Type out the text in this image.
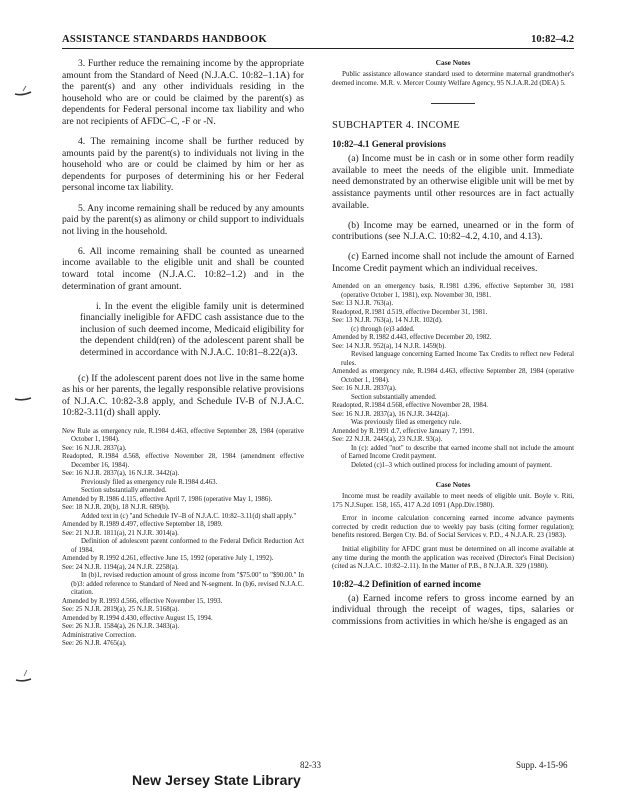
ASSISTANCE STANDARDS HANDBOOK	10:82–4.2

3. Further reduce the remaining income by the appropriate amount from the Standard of Need (N.J.A.C. 10:82–1.1A) for the parent(s) and any other individuals residing in the household who are or could be claimed by the parent(s) as dependents for Federal personal income tax liability and who are not recipients of AFDC–C, -F or -N.

4. The remaining income shall be further reduced by amounts paid by the parent(s) to individuals not living in the household who are or could be claimed by him or her as dependents for purposes of determining his or her Federal personal income tax liability.

5. Any income remaining shall be reduced by any amounts paid by the parent(s) as alimony or child support to individuals not living in the household.

6. All income remaining shall be counted as unearned income available to the eligible unit and shall be counted toward total income (N.J.A.C. 10:82–1.2) and in the determination of grant amount.

i. In the event the eligible family unit is determined financially ineligible for AFDC cash assistance due to the inclusion of such deemed income, Medicaid eligibility for the dependent child(ren) of the adolescent parent shall be determined in accordance with N.J.A.C. 10:81–8.22(a)3.

(c) If the adolescent parent does not live in the same home as his or her parents, the legally responsible relative provisions of N.J.A.C. 10:82-3.8 apply, and Schedule IV-B of N.J.A.C. 10:82-3.11(d) shall apply.

New Rule as emergency rule, R.1984 d.463, effective September 28, 1984 (operative October 1, 1984).
See: 16 N.J.R. 2837(a).
Readopted, R.1984 d.568, effective November 28, 1984 (amendment effective December 16, 1984).
See: 16 N.J.R. 2837(a), 16 N.J.R. 3442(a).
Previously filed as emergency rule R.1984 d.463.
Section substantially amended.
Amended by R.1986 d.115, effective April 7, 1986 (operative May 1, 1986).
See: 18 N.J.R. 20(b), 18 N.J.R. 689(b).
Added text in (c) "and Schedule IV–B of N.J.A.C. 10:82–3.11(d) shall apply."
Amended by R.1989 d.497, effective September 18, 1989.
See: 21 N.J.R. 1811(a), 21 N.J.R. 3014(a).
Definition of adolescent parent conformed to the Federal Deficit Reduction Act of 1984.
Amended by R.1992 d.261, effective June 15, 1992 (operative July 1, 1992).
See: 24 N.J.R. 1194(a), 24 N.J.R. 2258(a).
In (b)1, revised reduction amount of gross income from "$75.00" to "$90.00." In (b)3: added reference to Standard of Need and N-segment. In (b)6, revised N.J.A.C. citation.
Amended by R.1993 d.566, effective November 15, 1993.
See: 25 N.J.R. 2819(a), 25 N.J.R. 5168(a).
Amended by R.1994 d.430, effective August 15, 1994.
See: 26 N.J.R. 1584(a), 26 N.J.R. 3483(a).
Administrative Correction.
See: 26 N.J.R. 4765(a).
Case Notes

Public assistance allowance standard used to determine maternal grandmother's deemed income. M.R. v. Mercer County Welfare Agency, 95 N.J.A.R.2d (DEA) 5.

SUBCHAPTER 4. INCOME
10:82–4.1 General provisions

(a) Income must be in cash or in some other form readily available to meet the needs of the eligible unit. Immediate need demonstrated by an otherwise eligible unit will be met by assistance payments until other resources are in fact actually available.

(b) Income may be earned, unearned or in the form of contributions (see N.J.A.C. 10:82–4.2, 4.10, and 4.13).

(c) Earned income shall not include the amount of Earned Income Credit payment which an individual receives.

Amended on an emergency basis, R.1981 d.396, effective September 30, 1981 (operative October 1, 1981), exp. November 30, 1981.
See: 13 N.J.R. 763(a).
Readopted, R.1981 d.519, effective December 31, 1981.
See: 13 N.J.R. 763(a), 14 N.J.R. 102(d).
(c) through (e)3 added.
Amended by R.1982 d.443, effective December 20, 1982.
See: 14 N.J.R. 952(a), 14 N.J.R. 1459(b).
Revised language concerning Earned Income Tax Credits to reflect new Federal rules.
Amended as emergency rule, R.1984 d.463, effective September 28, 1984 (operative October 1, 1984).
See: 16 N.J.R. 2837(a).
Section substantially amended.
Readopted, R.1984 d.568, effective November 28, 1984.
See: 16 N.J.R. 2837(a), 16 N.J.R. 3442(a).
Was previously filed as emergency rule.
Amended by R.1991 d.7, effective January 7, 1991.
See: 22 N.J.R. 2445(a), 23 N.J.R. 93(a).
In (c): added "not" to describe that earned income shall not include the amount of Earned Income Credit payment.
Deleted (c)1–3 which outlined process for including amount of payment.
Case Notes

Income must be readily available to meet needs of eligible unit. Boyle v. Riti, 175 N.J.Super. 158, 165, 417 A.2d 1091 (App.Div.1980).

Error in income calculation concerning earned income advance payments corrected by credit reduction due to weekly pay basis (citing former regulation); benefits restored. Bergen Cty. Bd. of Social Services v. P.D., 4 N.J.A.R. 23 (1983).

Initial eligibility for AFDC grant must be determined on all income available at any time during the month the application was received (Director's Final Decision) (cited as N.J.A.C. 10:82–2.11). In the Matter of P.B., 8 N.J.A.R. 329 (1980).

10:82–4.2 Definition of earned income

(a) Earned income refers to gross income earned by an individual through the receipt of wages, tips, salaries or commissions from activities in which he/she is engaged as an

82-33
New Jersey State Library
Supp. 4-15-96
